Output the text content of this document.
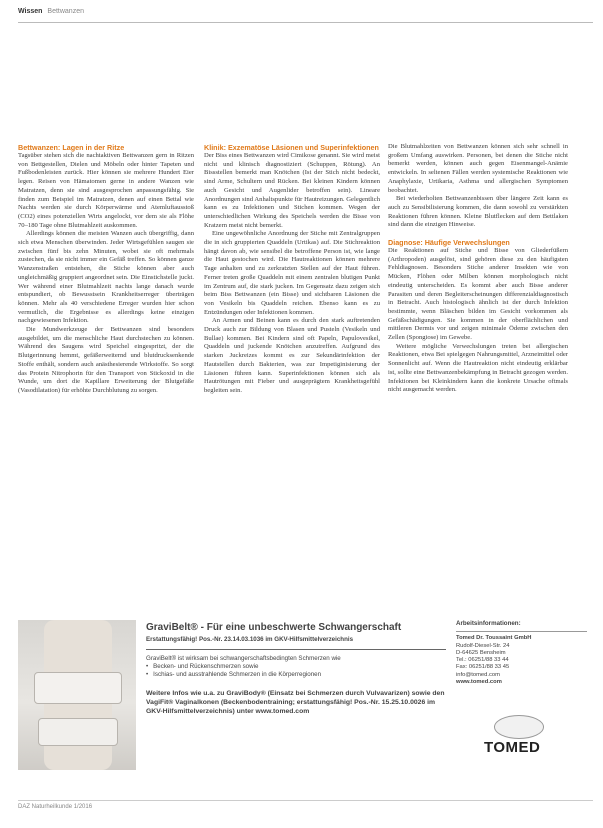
Wissen Bettwanzen

Bettwanzen: Lagen in der Ritze

Tagsüber stehen sich die nachtaktiven Bettwanzen gern in Ritzen von Bettgestellen, Dielen und Möbeln oder hinter Tapeten und Fußbodenleisten zurück. Hier können sie mehrere Hundert Eier legen. Reisen von Hämatomen gerne in andere Wanzen wie Matratzen, denn sie sind ausgesprochen anpassungsfähig. Sie finden zum Beispiel im Matratzen, denen auf einen Bettal wie Nachts werden sie durch Körperwärme und Atemluftausstoß (CO2) eines potenziellen Wirts angelockt, vor dem sie als Flöhe 70–180 Tage ohne Blutmahlzeit auskommen.

Allerdings können die meisten Wanzen auch übergriffig, dann sich etwa Menschen überwinden. Jeder Wirtsgefühlen saugen sie zwischen fünf bis zehn Minuten, wobei sie oft mehrmals zustechen, da sie nicht immer ein Gefäß treffen. So können ganze Wanzenstraßen entstehen, die Stiche können aber auch ungleichmäßig gruppiert angeordnet sein. Die Einstichstelle juckt. Wer während einer Blutmahlzeit nachts lange danach wurde entspundiert, ob Bewusstsein Krankheitserreger überträgen können. Mehr als 40 verschiedene Erreger wurden hier schon vermutlich, die Ergebnisse es allerdings keine einzigen nachgewiesenen Infektion.

Die Mundwerkzeuge der Bettwanzen sind besonders ausgebildet, um die menschliche Haut durchstechen zu können. Während des Saugens wird Speichel eingespritzt, der die Blutgerinnung hemmt, gefäßerweiternd und blutdrucksenkende Stoffe enthält, sondern auch anästhesierende Wirkstoffe. So sorgt das Protein Nitrophorin für den Transport von Stickoxid in die Wunde, um dort die Kapillare Erweiterung der Blutgefäße (Vasodilatation) für erhöhte Durchblutung zu sorgen.

Klinik: Exzematöse Läsionen und Superinfektionen

Der Biss eines Bettwanzen wird Cimikose genannt. Sie wird meist nicht und klinisch diagnostiziert (Schuppen, Rötung). An Bissstellen bemerkt man Knötchen (Ist der Stich nicht bedeckt, sind Arme, Schultern und Rücken. Bei kleinen Kindern können auch Gesicht und Augenlider betroffen sein). Lineare Anordnungen sind Anhaltspunkte für Hautreizungen. Gelegentlich kann es zu Infektionen und Stichen kommen. Wegen der unterschiedlichen Wirkung des Speichels werden die Bisse von Kratzern meist nicht bemerkt.

Eine ungewöhnliche Anordnung der Stiche mit Zentralgruppen die in sich gruppierten Quaddeln (Urtikas) auf. Die Stichreaktion hängt davon ab, wie sensibel die betroffene Person ist, wie lange die Haut gestochen wird. Die Hautreaktionen können mehrere Tage anhalten und zu zerkratzten Stellen auf der Haut führen. Ferner treten große Quaddeln mit einem zentralen blutigen Punkt im Zentrum auf, die stark jucken. Im Gegensatz dazu zeigen sich beim Biss Bettwanzen (ein Bisse) und sichtbaren Läsionen die von Vesikeln bis Quaddeln reichen. Ebenso kann es zu Entzündungen oder Infektionen kommen.

An Armen und Beinen kann es durch den stark auftretenden Druck auch zur Bildung von Blasen und Pusteln (Vesikeln und Bullae) kommen. Bei Kindern sind oft Papeln, Papulovesikel, Quaddeln und juckende Knötchen anzutreffen. Aufgrund des starken Juckreizes kommt es zur Sekundärinfektion der Hautstellen durch Bakterien, was zur Impetiginisierung der Läsionen führen kann. Superinfektionen können sich als Hautrötungen mit Fieber und ausgeprägtem Krankheitsgefühl begleiten sein.

Die Blutmahlzeiten von Bettwanzen können sich sehr schnell in großem Umfang auswirken. Personen, bei denen die Stiche nicht bemerkt werden, können auch gegen Eisenmangel-Anämie entwickeln. In seltenen Fällen werden systemische Reaktionen wie Anaphylaxie, Urtikaria, Asthma und allergischen Symptomen beobachtet.

Bei wiederholten Bettwanzenbissen über längere Zeit kann es auch zu Sensibilisierung kommen, die dann sowohl zu verstärkten Reaktionen führen können. Kleine Blutflecken auf dem Bettlaken sind dann die einzigen Hinweise.

Diagnose: Häufige Verwechslungen

Die Reaktionen auf Stiche und Bisse von Gliederfüßern (Arthropoden) ausgelöst, sind gehören diese zu den häufigsten Fehldiagnosen. Besonders Stiche anderer Insekten wie von Mücken, Flöhen oder Milben können morphologisch nicht eindeutig unterscheiden. Es kommt aber auch Bisse anderer Parasiten und deren Begleiterscheinungen differenzialdiagnostisch in Betracht. Auch histologisch ähnlich ist der durch Infektion bestimmte, wenn Bläschen bilden im Gesicht vorkommen als Gefäßschädigungen. Sie kommen in der oberflächlichen und mittleren Dermis vor und zeigen minimale Ödeme zwischen den Zellen (Spongiose) im Gewebe.

Weitere mögliche Verwechslungen treten bei allergischen Reaktionen, etwa Bei spielgegen Nahrungsmittel, Arzneimittel oder Sonnenlicht auf. Wenn die Hautreaktion nicht eindeutig erklärbar ist, sollte eine Bettwanzenbekämpfung in Betracht gezogen werden. Infektionen bei Kleinkindern kann die konkrete Ursache oftmals nicht ausgemacht werden.

GraviBelt® - Für eine unbeschwerte Schwangerschaft
Erstattungsfähig! Pos.-Nr. 23.14.03.1036 im GKV-Hilfsmittelverzeichnis
GraviBelt® ist wirksam bei schwangerschaftsbedingten Schmerzen wie
• Becken- und Rückenschmerzen sowie
• Ischias- und ausstrahlende Schmerzen in die Körperregionen
Weitere Infos wie u.a. zu GraviBody® (Einsatz bei Schmerzen durch Vulvavarizen) sowie den VagiFit® Vaginalkonen (Beckenbodentraining; erstattungsfähig! Pos.-Nr. 15.25.10.0026 im GKV-Hilfsmittelverzeichnis) unter www.tomed.com
Arbeitsinformationen:
Tomed Dr. Toussaint GmbH
Rudolf-Diesel-Str. 24
D-64625 Bensheim
Tel.: 06251/88 33 44
Fax: 06251/88 33 45
info@tomed.com
www.tomed.com
TOMED
DAZ Naturheilkunde 1/2016
